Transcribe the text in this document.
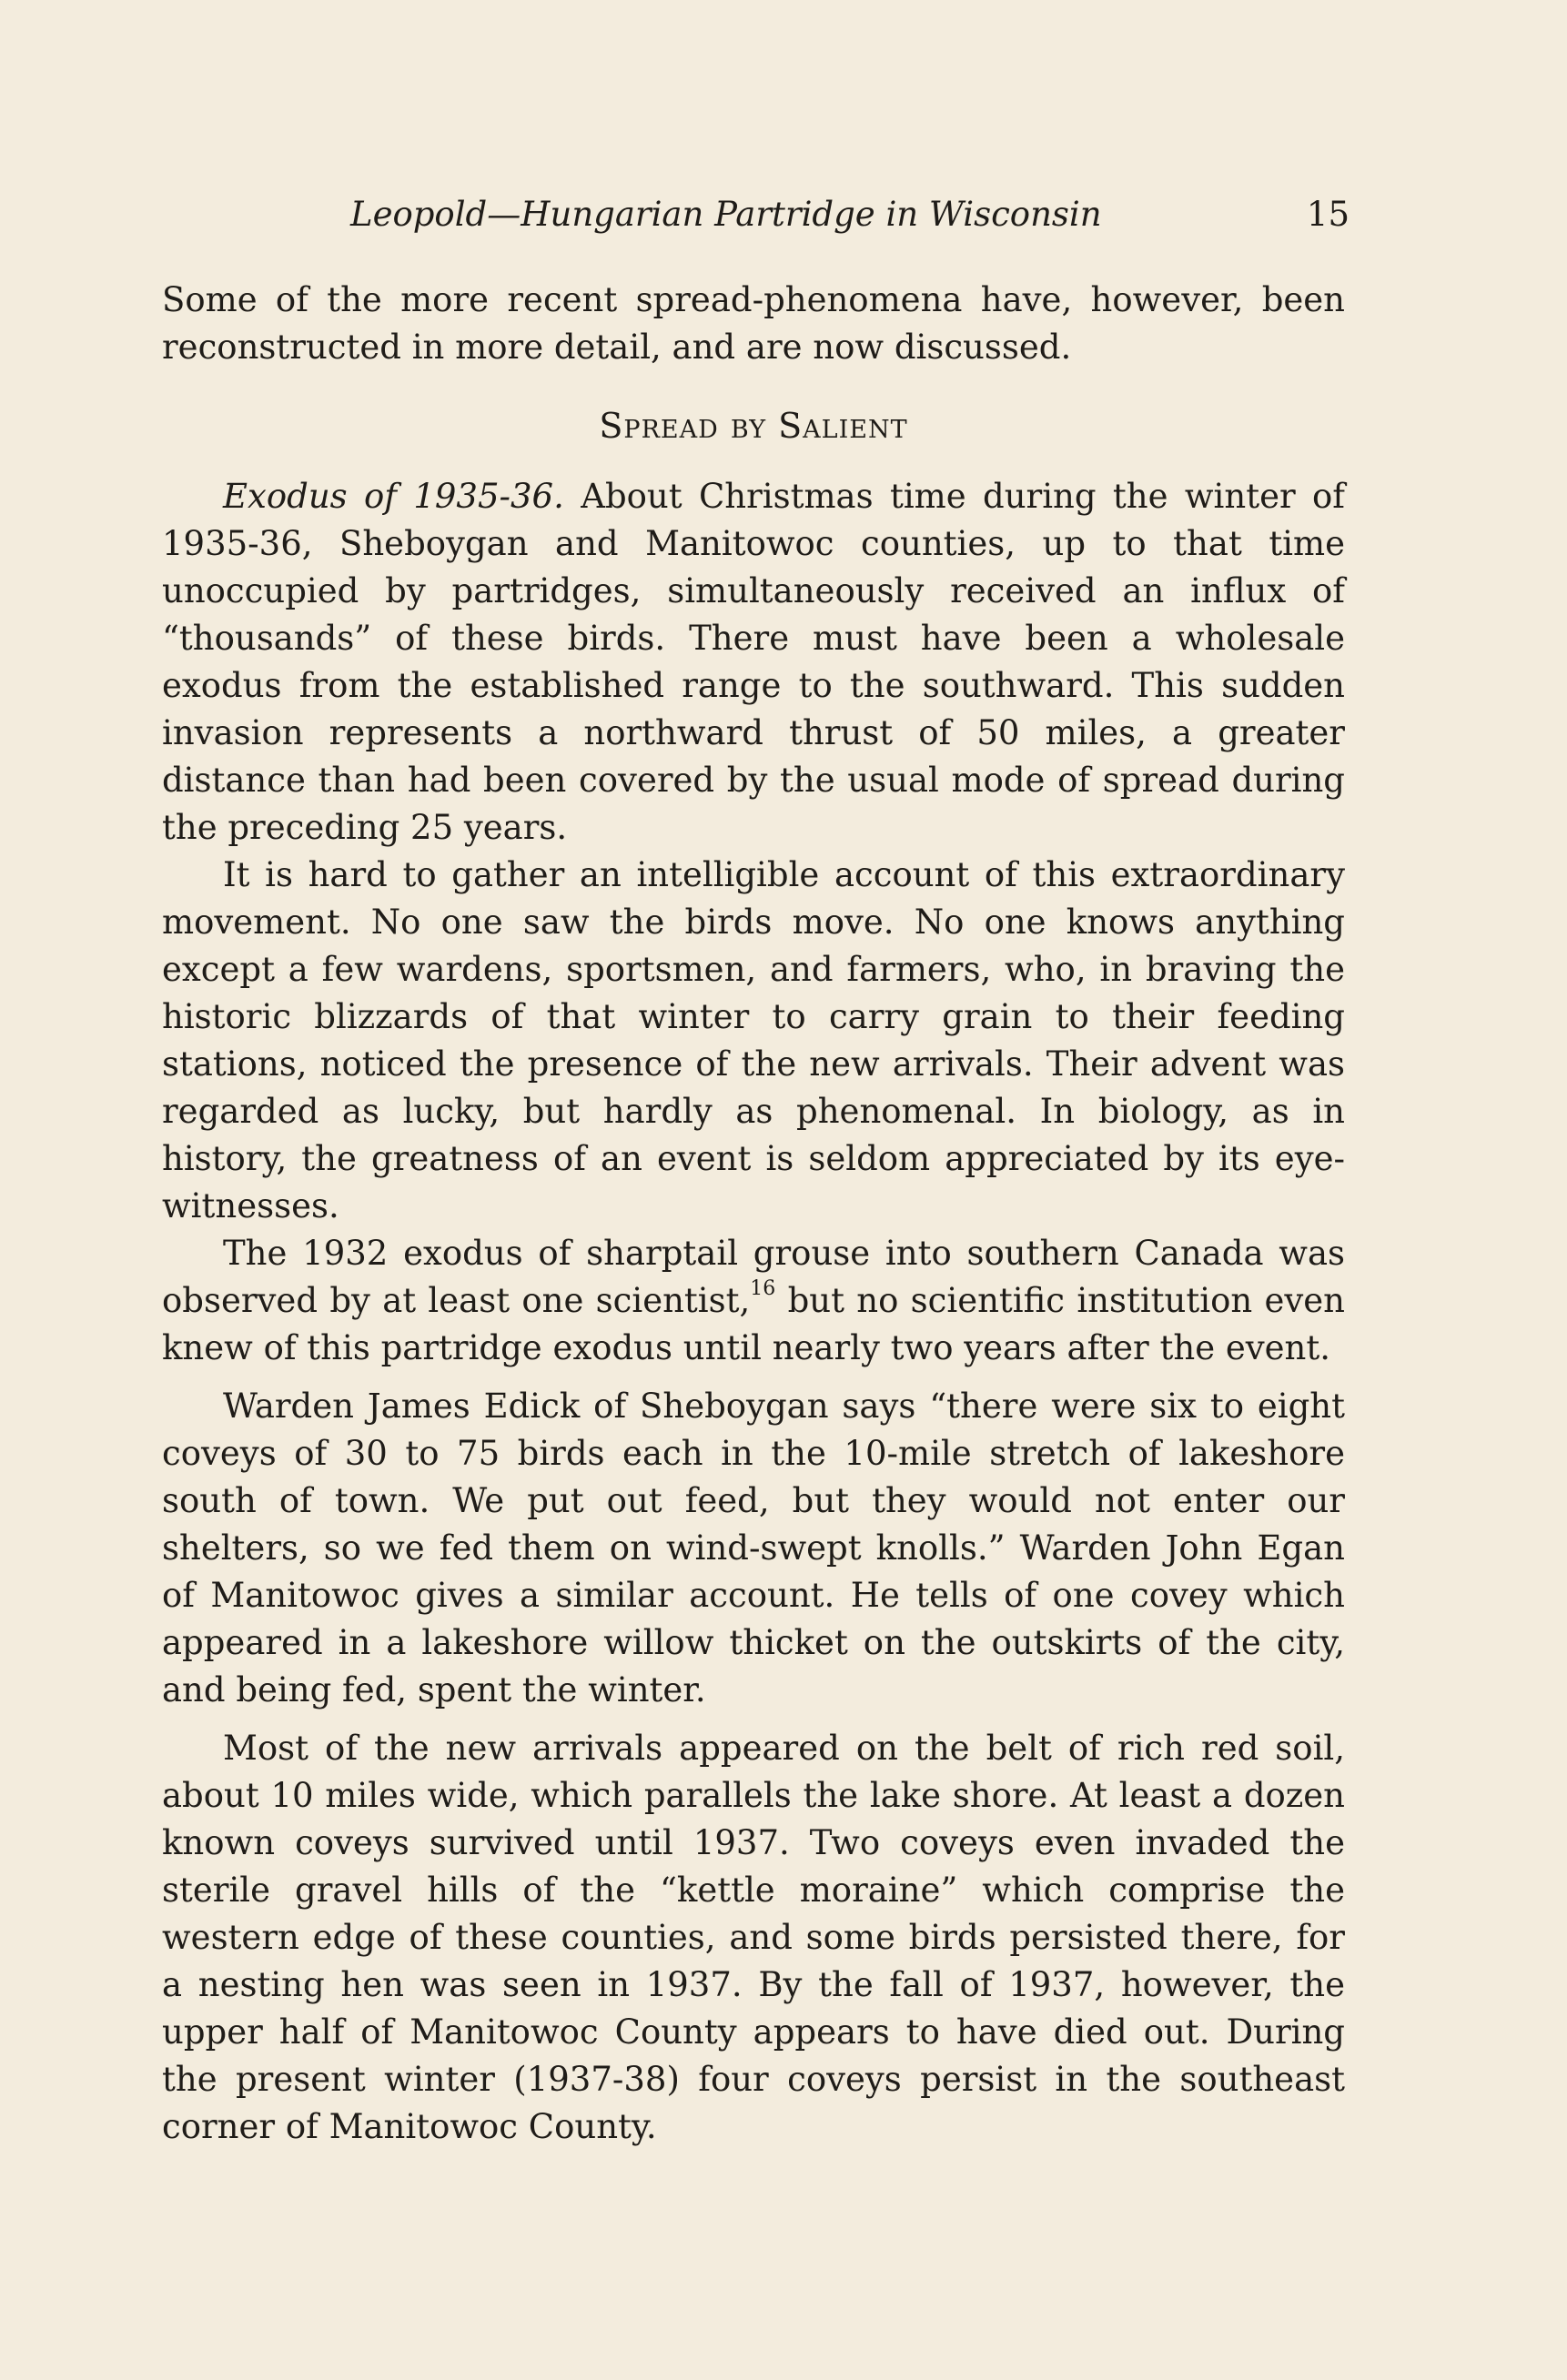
Leopold—Hungarian Partridge in Wisconsin	15

Some of the more recent spread-phenomena have, however, been reconstructed in more detail, and are now discussed.

Spread by Salient

Exodus of 1935-36. About Christmas time during the winter of 1935-36, Sheboygan and Manitowoc counties, up to that time unoccupied by partridges, simultaneously received an influx of “thousands” of these birds. There must have been a wholesale exodus from the established range to the southward. This sudden invasion represents a northward thrust of 50 miles, a greater distance than had been covered by the usual mode of spread during the preceding 25 years.

It is hard to gather an intelligible account of this extraordinary movement. No one saw the birds move. No one knows anything except a few wardens, sportsmen, and farmers, who, in braving the historic blizzards of that winter to carry grain to their feeding stations, noticed the presence of the new arrivals. Their advent was regarded as lucky, but hardly as phenomenal. In biology, as in history, the greatness of an event is seldom appreciated by its eye-witnesses.

The 1932 exodus of sharptail grouse into southern Canada was observed by at least one scientist,$^{16}$ but no scientific institution even knew of this partridge exodus until nearly two years after the event.

Warden James Edick of Sheboygan says “there were six to eight coveys of 30 to 75 birds each in the 10-mile stretch of lakeshore south of town. We put out feed, but they would not enter our shelters, so we fed them on wind-swept knolls.” Warden John Egan of Manitowoc gives a similar account. He tells of one covey which appeared in a lakeshore willow thicket on the outskirts of the city, and being fed, spent the winter.

Most of the new arrivals appeared on the belt of rich red soil, about 10 miles wide, which parallels the lake shore. At least a dozen known coveys survived until 1937. Two coveys even invaded the sterile gravel hills of the “kettle moraine” which comprise the western edge of these counties, and some birds persisted there, for a nesting hen was seen in 1937. By the fall of 1937, however, the upper half of Manitowoc County appears to have died out. During the present winter (1937-38) four coveys persist in the southeast corner of Manitowoc County.
